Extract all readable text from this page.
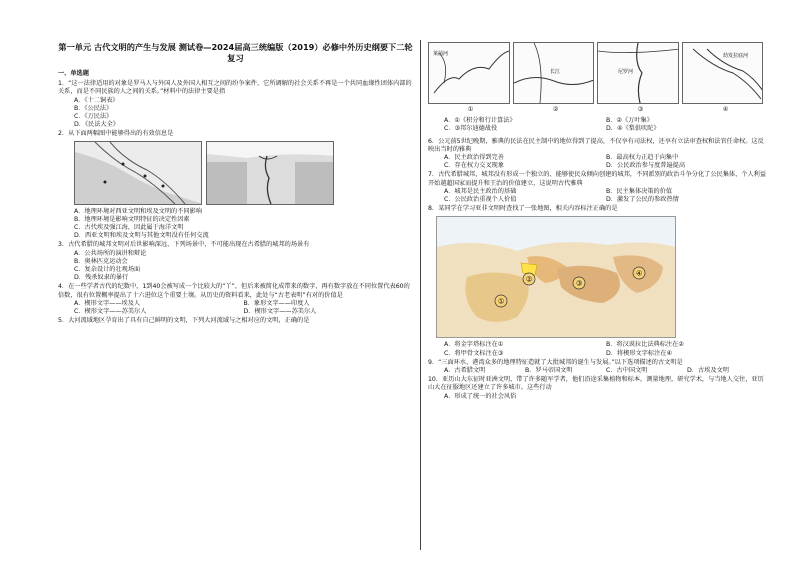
第一单元 古代文明的产生与发展 测试卷—2024届高三统编版（2019）必修中外历史纲要下二轮复习
一、单选题
1．“这一法律适用的对象是罗马人与外国人及外国人相互之间的纷争案件，它所调解的社会关系不再是一个共同血缘性团体内部的关系，而是不同民族的人之间的关系。”材料中的法律主要是指
A．《十二铜表》
B．《公民法》
C．《万民法》
D．《民法大全》
2．从下面两幅图中能够得出的有效信息是
A．地理环境对西亚文明和埃及文明的不同影响
B．地理环境是影响文明特征的决定性因素
C．古代埃及强江海，因此属于海洋文明
D．西亚文明和埃及文明与其他文明没有任何交流
3．古代希腊的城邦文明对后世影响深远，下列场景中，不可能出现在古希腊的城邦的场景有
A．公共场所的演讲和辩论
B．奥林匹克运动会
C．复杂设计的壮观场面
D．残杀奴隶的暴行
4．在一些学者古代的纪数中，1到40会被写成一个比较大的“丫”，但后来被简化成带来的数字，再有数字放在不同位置代表60的倍数，很有位置概率提出了十六进位这个重要土壤。从历史的资料看来，此处与“古老表明”有对的价值是
A．楔形文字——埃及人	B．象形文字——印度人
C．楔形文字——苏美尔人	D．楔形文字——苏美尔人
5．大河流域地区孕育出了具有自己鲜明的文明，下列大河流域与之相对应的文明，正确的是
莱茵河
长江	尼罗河
幼发拉底河
①	②	③	④
A．①《积分和行计算法》	B．②《万叶集》
C．③邦尔迪德战役	D．④《梨俱吠陀》
6．公元前5世纪晚期，雅典的民法在民主制中的地位得到了提高，不仅享有司法权，还享有立法审查权和法官任命权。这反映出当时的雅典
A．民主政治得到完善	B．最高权力正趋于向集中
C．存在权力交叉现象	D．公民政治参与度普遍提高
7．古代希腊城邦，城邦没有形成一个独立的、能够使民众倾向创建的城邦，不同派别的政治斗争分化了公民集体，个人利益开始越超国家而提升和王治的价值建立，这说明古代雅典
A．城邦是民主政治的基础	B．民主集体决策的价值
C．公民政治重视个人价值	D．激发了公民的参政热情
8．某同学在学习亚非文明时查找了一张地图，相关内容标注正确的是
①
②	③
④
A．将金字塔标注在①	B．将汉谟拉比法典标注在②
C．将甲骨文标注在③	D．将楔形文字标注在④
9．“三面环水，港湾众多的地理特征造就了大批城邦的诞生与发展。”以下选项描述的古文明是
A．古希腊文明	B．罗马帝国文明	C．古中国文明	D．古埃及文明
10．亚历山大东征时亚洲文明，带了许多随军学者，他们沿途采集植物和标本，测量地理，研究学术，与当地人交往，亚历山大在征服地区还建立了许多城市。这些行动
A．形成了统一的社会风俗
